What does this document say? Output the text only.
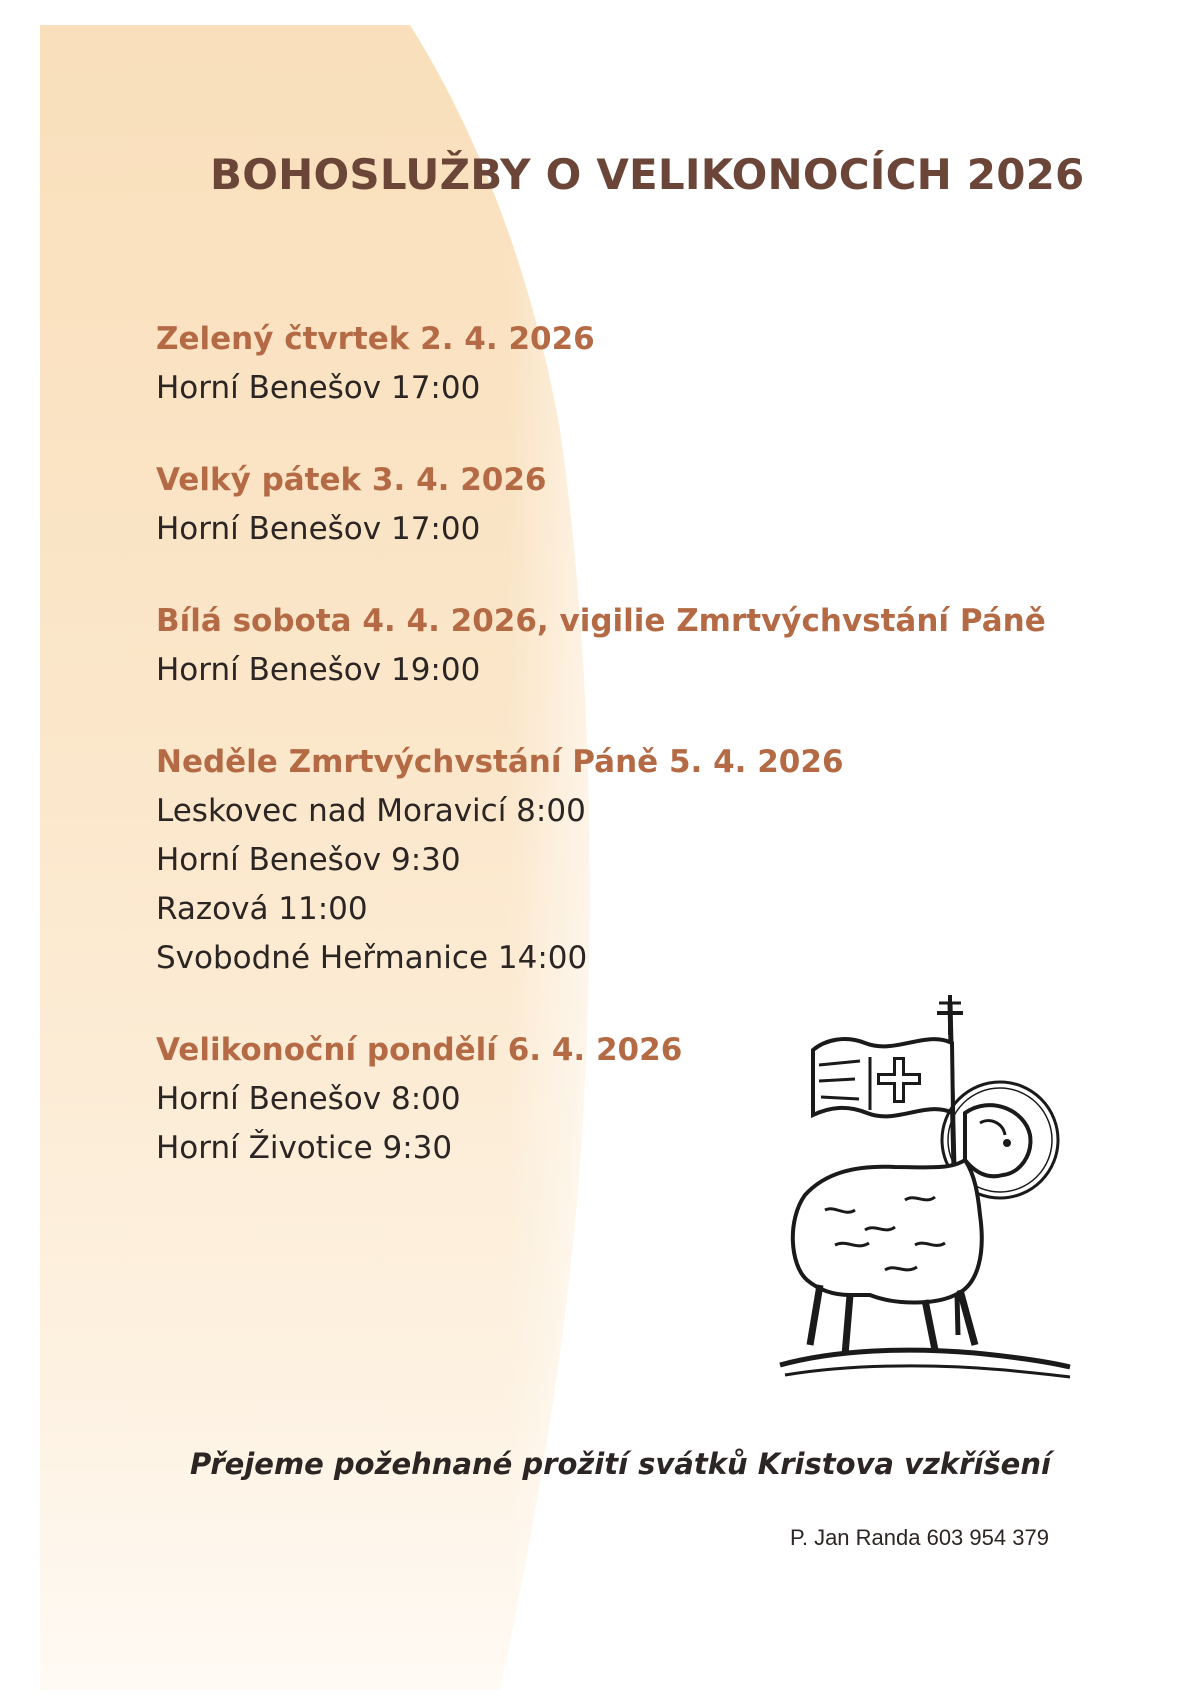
BOHOSLUŽBY O VELIKONOCÍCH 2026
Zelený čtvrtek 2. 4. 2026
Horní Benešov 17:00
Velký pátek 3. 4. 2026
Horní Benešov 17:00
Bílá sobota 4. 4. 2026, vigilie Zmrtvýchvstání Páně
Horní Benešov 19:00
Neděle Zmrtvýchvstání Páně 5. 4. 2026
Leskovec nad Moravicí 8:00
Horní Benešov 9:30
Razová 11:00
Svobodné Heřmanice 14:00
Velikonoční pondělí 6. 4. 2026
Horní Benešov 8:00
Horní Životice 9:30
Přejeme požehnané prožití svátků Kristova vzkříšení
P. Jan Randa 603 954 379
